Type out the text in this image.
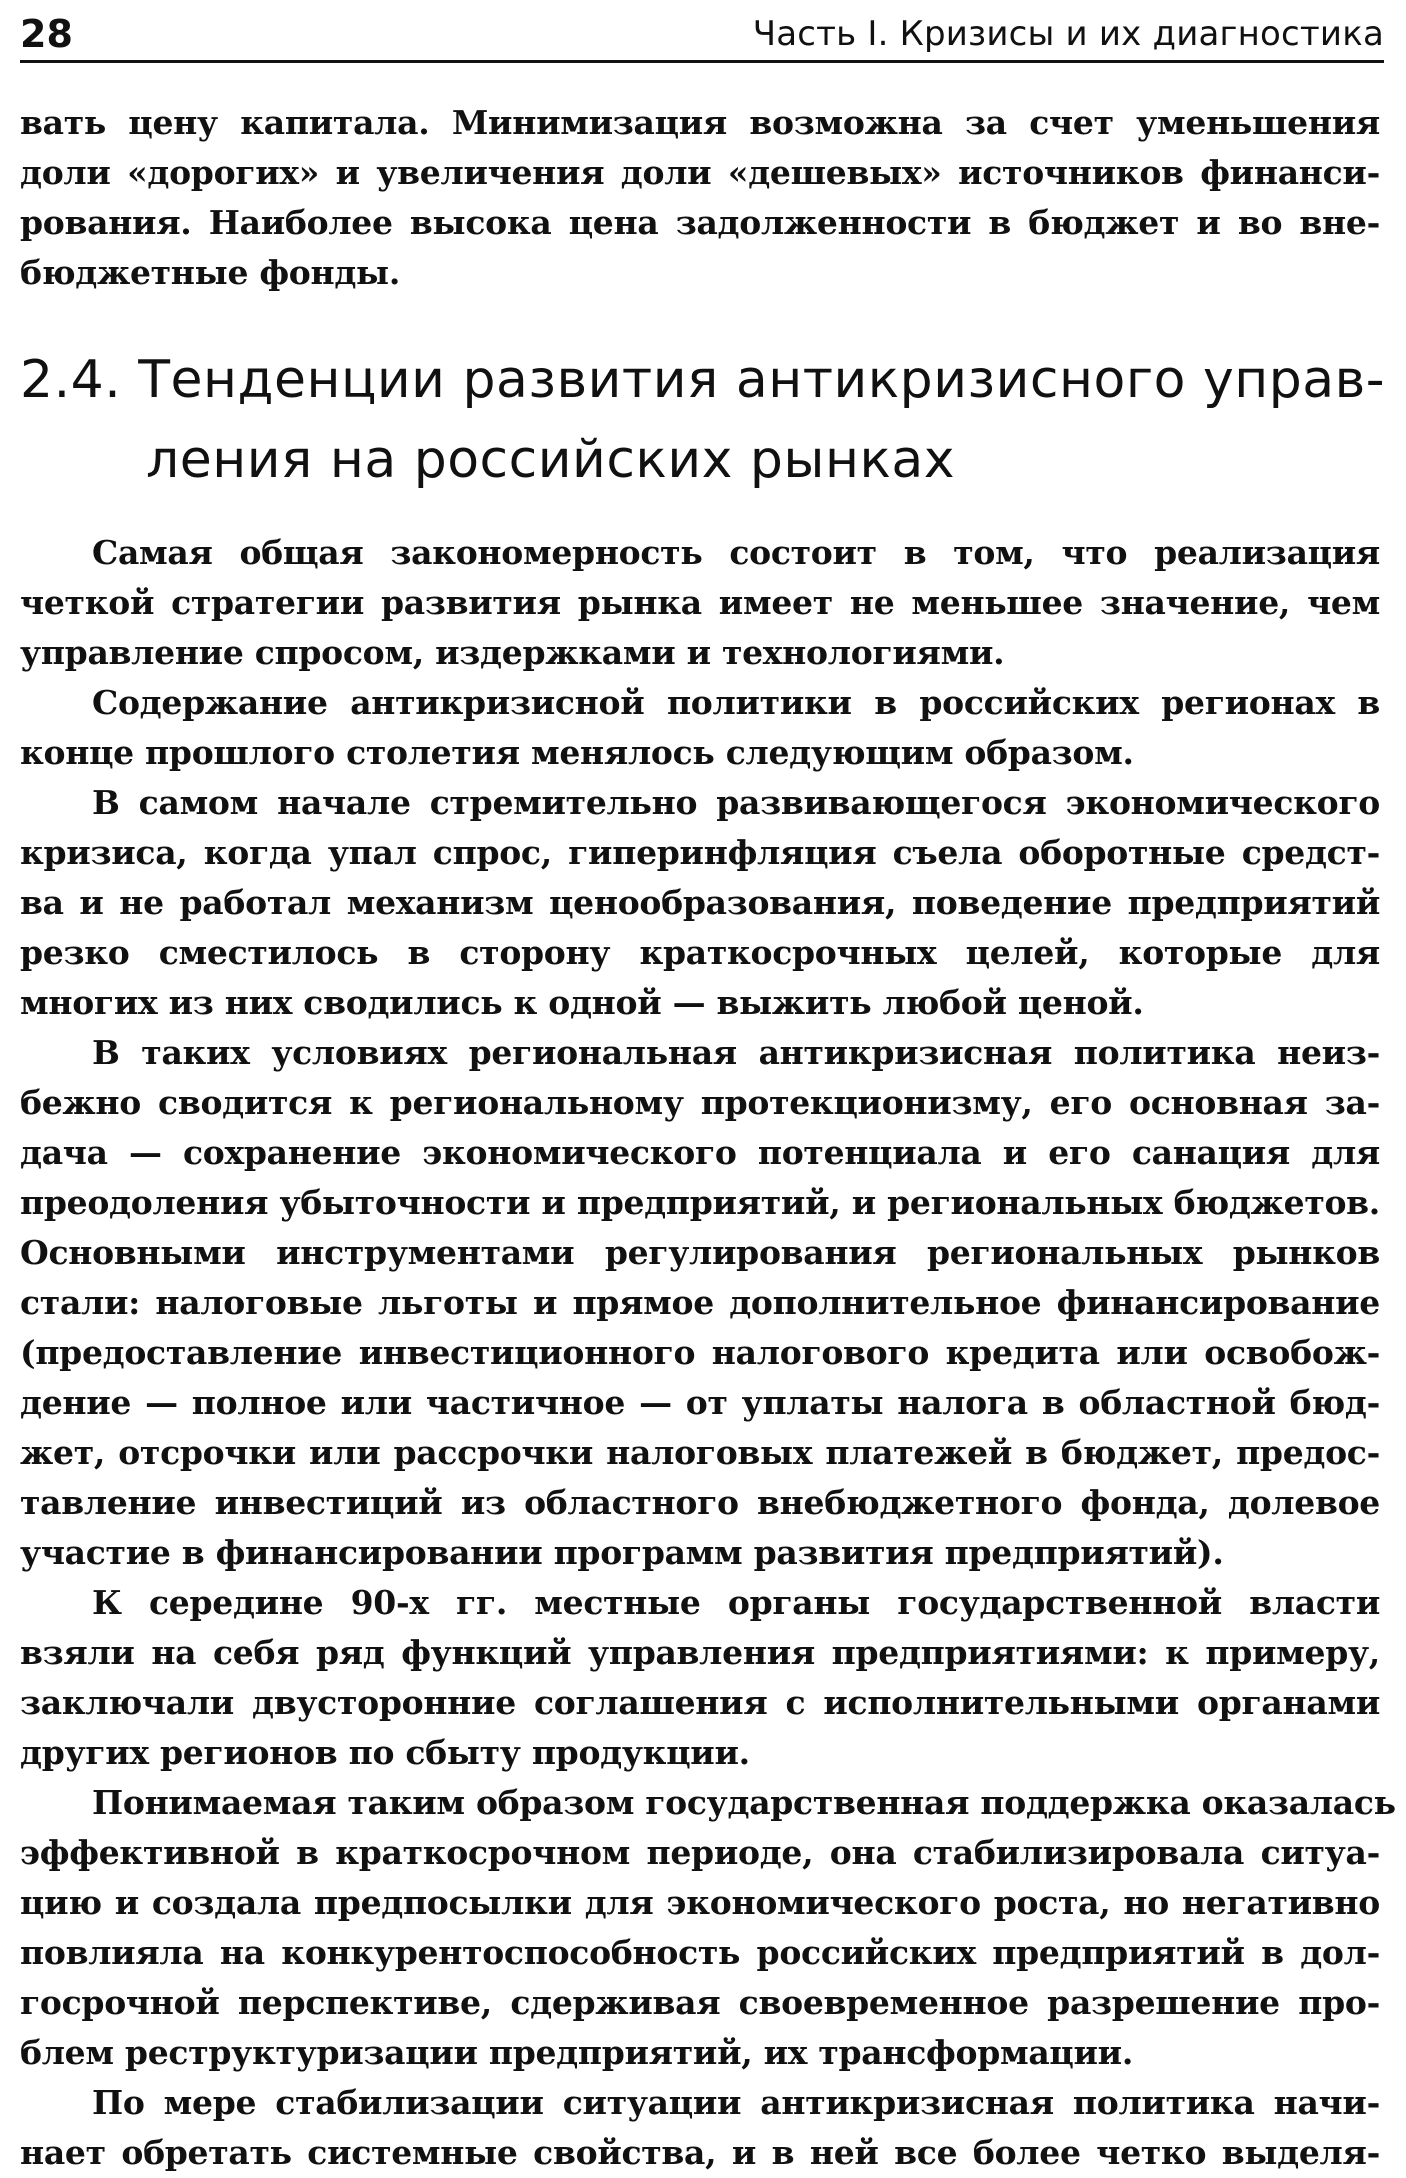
28	Часть I. Кризисы и их диагностика
вать цену капитала. Минимизация возможна за счет уменьшения
доли «дорогих» и увеличения доли «дешевых» источников финанси-
рования. Наиболее высока цена задолженности в бюджет и во вне-
бюджетные фонды.
2.4. Тенденции развития антикризисного управ-
ления на российских рынках
Самая общая закономерность состоит в том, что реализация
четкой стратегии развития рынка имеет не меньшее значение, чем
управление спросом, издержками и технологиями.
Содержание антикризисной политики в российских регионах в
конце прошлого столетия менялось следующим образом.
В самом начале стремительно развивающегося экономического
кризиса, когда упал спрос, гиперинфляция съела оборотные средст-
ва и не работал механизм ценообразования, поведение предприятий
резко сместилось в сторону краткосрочных целей, которые для
многих из них сводились к одной — выжить любой ценой.
В таких условиях региональная антикризисная политика неиз-
бежно сводится к региональному протекционизму, его основная за-
дача — сохранение экономического потенциала и его санация для
преодоления убыточности и предприятий, и региональных бюджетов.
Основными инструментами регулирования региональных рынков
стали: налоговые льготы и прямое дополнительное финансирование
(предоставление инвестиционного налогового кредита или освобож-
дение — полное или частичное — от уплаты налога в областной бюд-
жет, отсрочки или рассрочки налоговых платежей в бюджет, предос-
тавление инвестиций из областного внебюджетного фонда, долевое
участие в финансировании программ развития предприятий).
К середине 90-х гг. местные органы государственной власти
взяли на себя ряд функций управления предприятиями: к примеру,
заключали двусторонние соглашения с исполнительными органами
других регионов по сбыту продукции.
Понимаемая таким образом государственная поддержка оказалась
эффективной в краткосрочном периоде, она стабилизировала ситуа-
цию и создала предпосылки для экономического роста, но негативно
повлияла на конкурентоспособность российских предприятий в дол-
госрочной перспективе, сдерживая своевременное разрешение про-
блем реструктуризации предприятий, их трансформации.
По мере стабилизации ситуации антикризисная политика начи-
нает обретать системные свойства, и в ней все более четко выделя-
